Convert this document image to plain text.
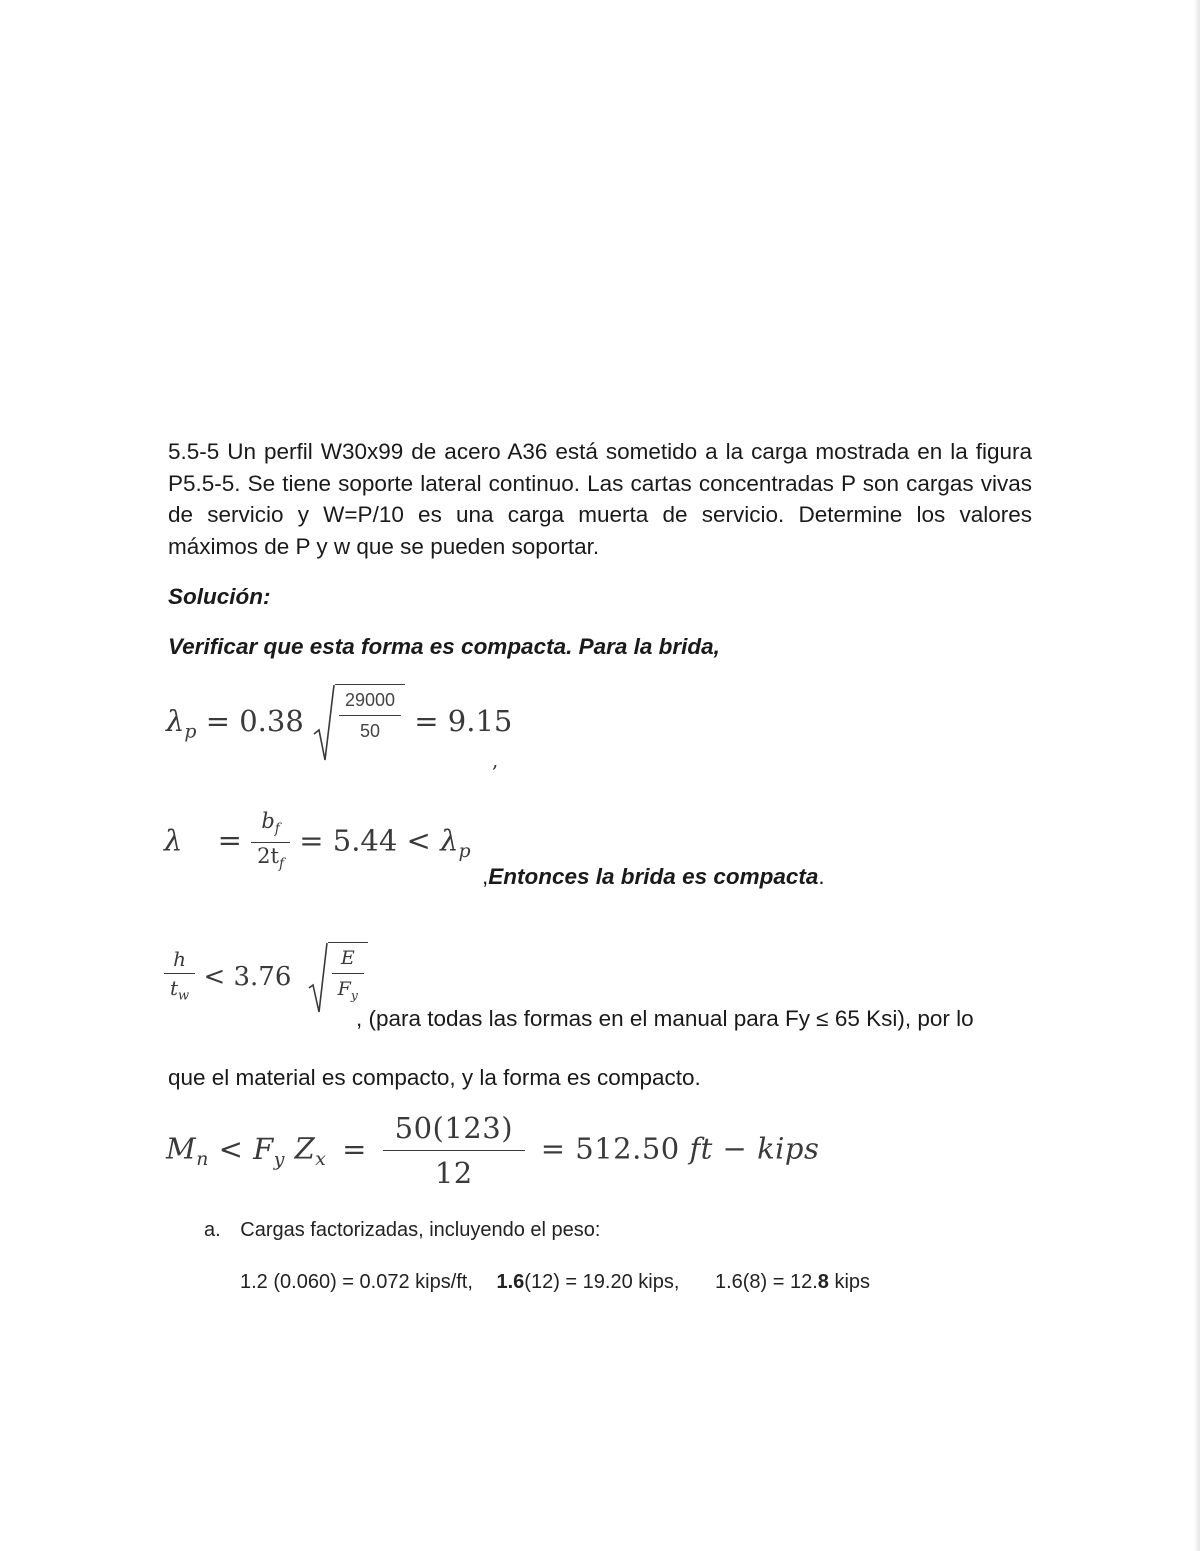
5.5-5 Un perfil W30x99 de acero A36 está sometido a la carga mostrada en la figura P5.5-5. Se tiene soporte lateral continuo. Las cartas concentradas P son cargas vivas de servicio y W=P/10 es una carga muerta de servicio. Determine los valores máximos de P y w que se pueden soportar.

Solución:

Verificar que esta forma es compacta. Para la brida,

$\lambda_p = 0.38 \frac{29000}{50} = 9.15$
,
$\lambda = \frac{b_f}{2t_f} = 5.44 < \lambda_p$
,Entonces la brida es compacta.
$\frac{h}{t_w} < 3.76 \frac{E}{F_y}$
, (para todas las formas en el manual para Fy ≤ 65 Ksi), por lo
que el material es compacto, y la forma es compacto.
$M_n < F_y$ $Z_x = \frac{50(123)}{12} = 512.50$ ft − kips
a. Cargas factorizadas, incluyendo el peso:
1.2 (0.060) = 0.072 kips/ft, 1.6(12) = 19.20 kips, 1.6(8) = 12.8 kips
